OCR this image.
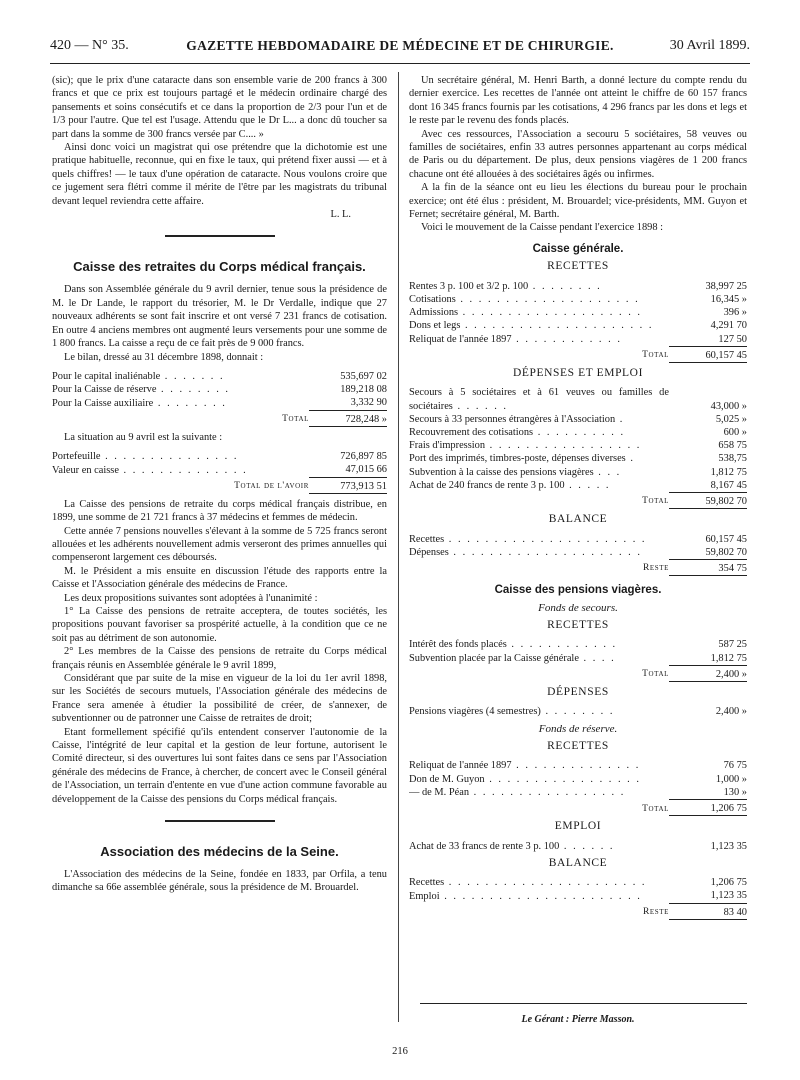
420 — N° 35.	GAZETTE HEBDOMADAIRE DE MÉDECINE ET DE CHIRURGIE.	30 Avril 1899.

(sic); que le prix d'une cataracte dans son ensemble varie de 200 francs à 300 francs et que ce prix est toujours partagé et le médecin ordinaire chargé des pansements et soins consécutifs et ce dans la proportion de 2/3 pour l'un et de 1/3 pour l'autre. Que tel est l'usage. Attendu que le Dr L... a donc dû toucher sa part dans la somme de 300 francs versée par C.... »

Ainsi donc voici un magistrat qui ose prétendre que la dichotomie est une pratique habituelle, reconnue, qui en fixe le taux, qui prétend fixer aussi — et à quels chiffres! — le taux d'une opération de cataracte. Nous voulons croire que ce jugement sera flétri comme il mérite de l'être par les magistrats du tribunal devant lequel reviendra cette affaire.

L. L.

Caisse des retraites du Corps médical français.

Dans son Assemblée générale du 9 avril dernier, tenue sous la présidence de M. le Dr Lande, le rapport du trésorier, M. le Dr Verdalle, indique que 27 nouveaux adhérents se sont fait inscrire et ont versé 7 231 francs de cotisation. En outre 4 anciens membres ont augmenté leurs versements pour une somme de 1 800 francs. La caisse a reçu de ce fait près de 9 000 francs.

Le bilan, dressé au 31 décembre 1898, donnait :

Pour le capital inaliénable . . . . . . .	535,697 02
Pour la Caisse de réserve . . . . . . . .	189,218 08
Pour la Caisse auxiliaire . . . . . . . .	3,332 90
Total	728,248 »

La situation au 9 avril est la suivante :

Portefeuille . . . . . . . . . . . . . . .	726,897 85
Valeur en caisse . . . . . . . . . . . . . .	47,015 66
Total de l'avoir	773,913 51

La Caisse des pensions de retraite du corps médical français distribue, en 1899, une somme de 21 721 francs à 37 médecins et femmes de médecin.

Cette année 7 pensions nouvelles s'élevant à la somme de 5 725 francs seront allouées et les adhérents nouvellement admis verseront des primes annuelles qui compenseront largement ces déboursés.

M. le Président a mis ensuite en discussion l'étude des rapports entre la Caisse et l'Association générale des médecins de France.

Les deux propositions suivantes sont adoptées à l'unanimité :

1° La Caisse des pensions de retraite acceptera, de toutes sociétés, les propositions pouvant favoriser sa prospérité actuelle, à la condition que ce ne soit pas au détriment de son autonomie.

2° Les membres de la Caisse des pensions de retraite du Corps médical français réunis en Assemblée générale le 9 avril 1899,

Considérant que par suite de la mise en vigueur de la loi du 1er avril 1898, sur les Sociétés de secours mutuels, l'Association générale des médecins de France sera amenée à étudier la possibilité de créer, de s'annexer, de subventionner ou de patronner une Caisse de retraites de droit;

Etant formellement spécifié qu'ils entendent conserver l'autonomie de la Caisse, l'intégrité de leur capital et la gestion de leur fortune, autorisent le Comité directeur, si des ouvertures lui sont faites dans ce sens par l'Association générale des médecins de France, à chercher, de concert avec le Conseil général de l'Association, un terrain d'entente en vue d'une action commune favorable au développement de la Caisse des pensions du Corps médical français.

Association des médecins de la Seine.

L'Association des médecins de la Seine, fondée en 1833, par Orfila, a tenu dimanche sa 66e assemblée générale, sous la présidence de M. Brouardel.

Un secrétaire général, M. Henri Barth, a donné lecture du compte rendu du dernier exercice. Les recettes de l'année ont atteint le chiffre de 60 157 francs dont 16 345 francs fournis par les cotisations, 4 296 francs par les dons et legs et le reste par le revenu des fonds placés.

Avec ces ressources, l'Association a secouru 5 sociétaires, 58 veuves ou familles de sociétaires, enfin 33 autres personnes appartenant au corps médical de Paris ou du département. De plus, deux pensions viagères de 1 200 francs chacune ont été allouées à des sociétaires âgés ou infirmes.

A la fin de la séance ont eu lieu les élections du bureau pour le prochain exercice; ont été élus : président, M. Brouardel; vice-présidents, MM. Guyon et Fernet; secrétaire général, M. Barth.

Voici le mouvement de la Caisse pendant l'exercice 1898 :

Caisse générale.
RECETTES
Rentes 3 p. 100 et 3/2 p. 100 . . . . . . . .	38,997 25
Cotisations . . . . . . . . . . . . . . . . . . . .	16,345 »
Admissions . . . . . . . . . . . . . . . . . . . .	396 »
Dons et legs . . . . . . . . . . . . . . . . . . . . .	4,291 70
Reliquat de l'année 1897 . . . . . . . . . . . .	127 50
Total	60,157 45
DÉPENSES ET EMPLOI
Secours à 5 sociétaires et à 61 veuves ou familles de sociétaires . . . . . .	43,000 »
Secours à 33 personnes étrangères à l'Association .	5,025 »
Recouvrement des cotisations . . . . . . . . . .	600 »
Frais d'impression . . . . . . . . . . . . . . . . .	658 75
Port des imprimés, timbres-poste, dépenses diverses .	538,75
Subvention à la caisse des pensions viagères . . .	1,812 75
Achat de 240 francs de rente 3 p. 100 . . . . .	8,167 45
Total	59,802 70
BALANCE
Recettes . . . . . . . . . . . . . . . . . . . . . .	60,157 45
Dépenses . . . . . . . . . . . . . . . . . . . . .	59,802 70
Reste	354 75
Caisse des pensions viagères.
Fonds de secours.
RECETTES
Intérêt des fonds placés . . . . . . . . . . . .	587 25
Subvention placée par la Caisse générale . . . .	1,812 75
Total	2,400 »
DÉPENSES
Pensions viagères (4 semestres) . . . . . . . .	2,400 »
Fonds de réserve.
RECETTES
Reliquat de l'année 1897 . . . . . . . . . . . . . .	76 75
Don de M. Guyon . . . . . . . . . . . . . . . . .	1,000 »
— de M. Péan . . . . . . . . . . . . . . . . .	130 »
Total	1,206 75
EMPLOI
Achat de 33 francs de rente 3 p. 100 . . . . . .	1,123 35
BALANCE
Recettes . . . . . . . . . . . . . . . . . . . . . .	1,206 75
Emploi . . . . . . . . . . . . . . . . . . . . . .	1,123 35
Reste	83 40
Le Gérant : Pierre Masson.
216
